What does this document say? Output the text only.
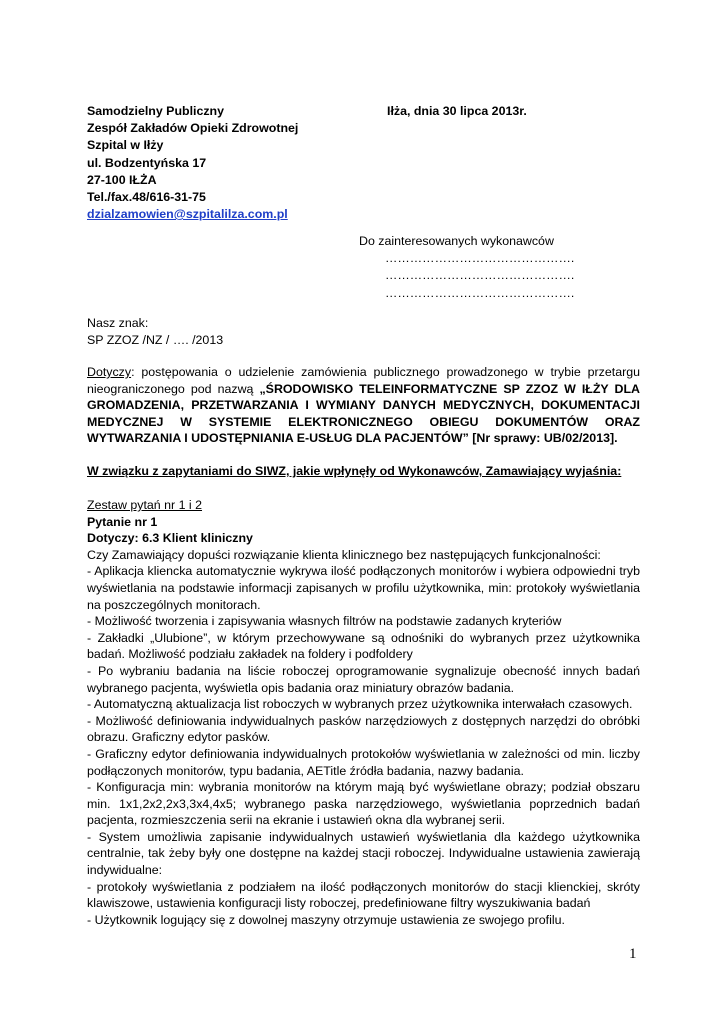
Samodzielny Publiczny
Zespół Zakładów Opieki Zdrowotnej
Szpital w Iłży
ul. Bodzentyńska 17
27-100 IŁŻA
Tel./fax.48/616-31-75
dzialzamowien@szpitalilza.com.pl
Iłża, dnia 30 lipca 2013r.
Do zainteresowanych wykonawców
……………………………………….
……………………………………….
……………………………………….
Nasz znak:
SP ZZOZ /NZ / …. /2013
Dotyczy: postępowania o udzielenie zamówienia publicznego prowadzonego w trybie przetargu nieograniczonego pod nazwą „ŚRODOWISKO TELEINFORMATYCZNE SP ZZOZ W IŁŻY DLA GROMADZENIA, PRZETWARZANIA I WYMIANY DANYCH MEDYCZNYCH, DOKUMENTACJI MEDYCZNEJ W SYSTEMIE ELEKTRONICZNEGO OBIEGU DOKUMENTÓW ORAZ WYTWARZANIA I UDOSTĘPNIANIA E-USŁUG DLA PACJENTÓW” [Nr sprawy: UB/02/2013].
W związku z zapytaniami do SIWZ, jakie wpłynęły od Wykonawców, Zamawiający wyjaśnia:
Zestaw pytań nr 1 i 2
Pytanie nr 1
Dotyczy: 6.3 Klient kliniczny

Czy Zamawiający dopuści rozwiązanie klienta klinicznego bez następujących funkcjonalności:

- Aplikacja kliencka automatycznie wykrywa ilość podłączonych monitorów i wybiera odpowiedni tryb wyświetlania na podstawie informacji zapisanych w profilu użytkownika, min: protokoły wyświetlania na poszczególnych monitorach.

- Możliwość tworzenia i zapisywania własnych filtrów na podstawie zadanych kryteriów

- Zakładki „Ulubione”, w którym przechowywane są odnośniki do wybranych przez użytkownika badań. Możliwość podziału zakładek na foldery i podfoldery

- Po wybraniu badania na liście roboczej oprogramowanie sygnalizuje obecność innych badań wybranego pacjenta, wyświetla opis badania oraz miniatury obrazów badania.

- Automatyczną aktualizacja list roboczych w wybranych przez użytkownika interwałach czasowych.

- Możliwość definiowania indywidualnych pasków narzędziowych z dostępnych narzędzi do obróbki obrazu. Graficzny edytor pasków.

- Graficzny edytor definiowania indywidualnych protokołów wyświetlania w zależności od min. liczby podłączonych monitorów, typu badania, AETitle źródła badania, nazwy badania.

- Konfiguracja min: wybrania monitorów na którym mają być wyświetlane obrazy; podział obszaru min. 1x1,2x2,2x3,3x4,4x5; wybranego paska narzędziowego, wyświetlania poprzednich badań pacjenta, rozmieszczenia serii na ekranie i ustawień okna dla wybranej serii.

- System umożliwia zapisanie indywidualnych ustawień wyświetlania dla każdego użytkownika centralnie, tak żeby były one dostępne na każdej stacji roboczej. Indywidualne ustawienia zawierają indywidualne:

- protokoły wyświetlania z podziałem na ilość podłączonych monitorów do stacji klienckiej, skróty klawiszowe, ustawienia konfiguracji listy roboczej, predefiniowane filtry wyszukiwania badań

- Użytkownik logujący się z dowolnej maszyny otrzymuje ustawienia ze swojego profilu.

1
